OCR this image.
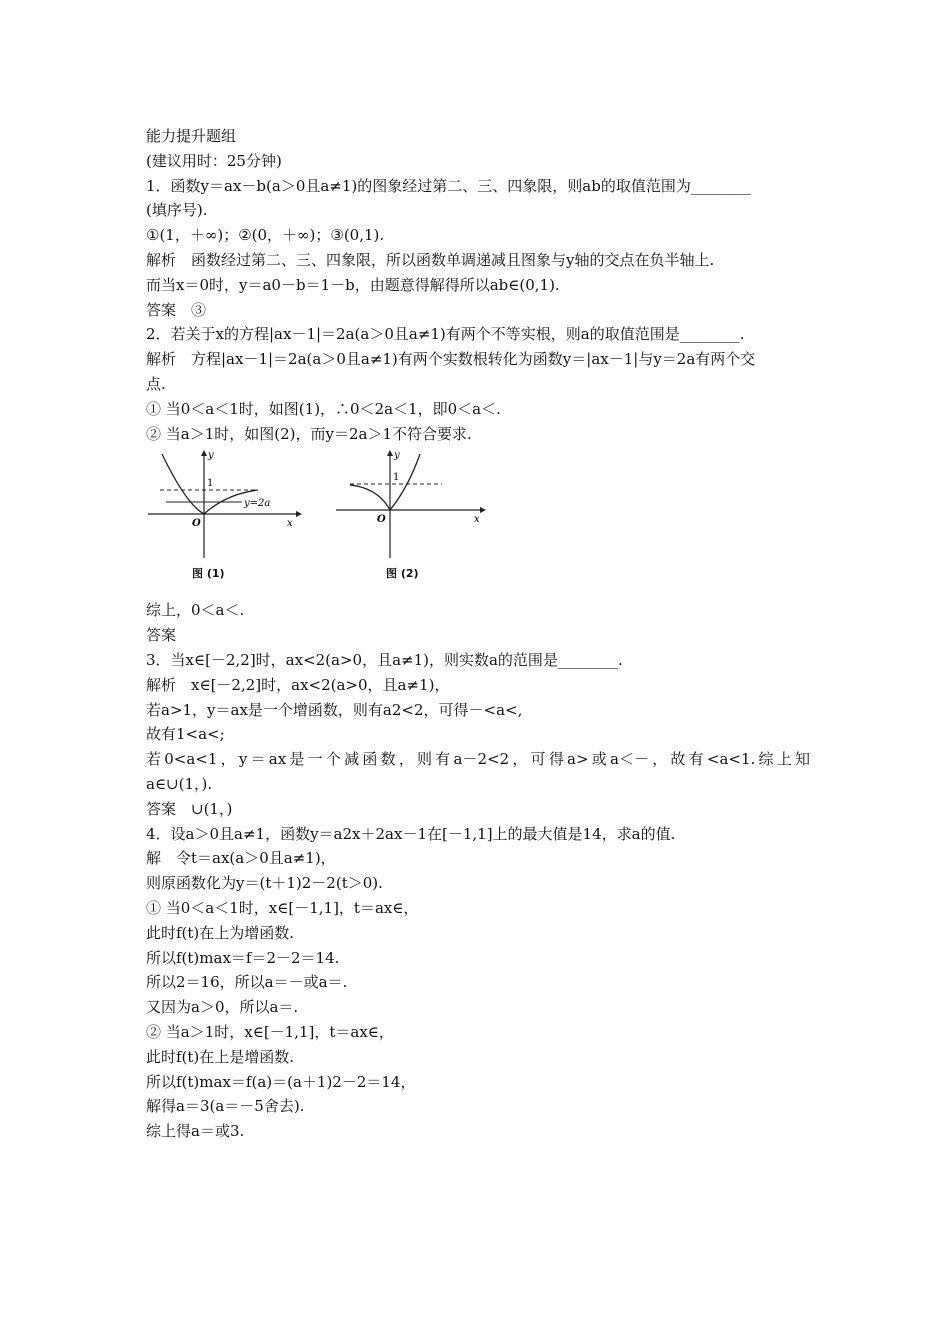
能力提升题组
(建议用时：25分钟)
1．函数y＝ax－b(a＞0且a≠1)的图象经过第二、三、四象限，则ab的取值范围为________
(填序号).
①(1，＋∞)；②(0，＋∞)；③(0,1).
解析　函数经过第二、三、四象限，所以函数单调递减且图象与y轴的交点在负半轴上.
而当x＝0时，y＝a0－b＝1－b，由题意得解得所以ab∈(0,1).
答案　③
2．若关于x的方程|ax－1|＝2a(a＞0且a≠1)有两个不等实根，则a的取值范围是________.
解析　方程|ax－1|＝2a(a＞0且a≠1)有两个实数根转化为函数y＝|ax－1|与y＝2a有两个交
点.
① 当0＜a＜1时，如图(1)，∴0＜2a＜1，即0＜a＜.
② 当a＞1时，如图(2)，而y＝2a＞1不符合要求.
y
x
O
1
y=2a
图 (1)
y
x
O
1
图 (2)
综上，0＜a＜.
答案
3．当x∈[－2,2]时，ax<2(a>0，且a≠1)，则实数a的范围是________.
解析　x∈[－2,2]时，ax<2(a>0，且a≠1)，
若a>1，y＝ax是一个增函数，则有a2<2，可得－<a<,
故有1<a<;
若0<a<1，y＝ax是一个减函数，则有a－2<2，可得a>或a＜－，故有<a<1.综上知
a∈∪(1，).
答案　∪(1，)
4．设a＞0且a≠1，函数y＝a2x＋2ax－1在[－1,1]上的最大值是14，求a的值.
解　令t＝ax(a＞0且a≠1)，
则原函数化为y＝(t＋1)2－2(t＞0).
① 当0＜a＜1时，x∈[－1,1]，t＝ax∈，
此时f(t)在上为增函数.
所以f(t)max＝f＝2－2＝14.
所以2＝16，所以a＝－或a＝.
又因为a＞0，所以a＝.
② 当a＞1时，x∈[－1,1]，t＝ax∈，
此时f(t)在上是增函数.
所以f(t)max＝f(a)＝(a＋1)2－2＝14，
解得a＝3(a＝－5舍去).
综上得a＝或3.
